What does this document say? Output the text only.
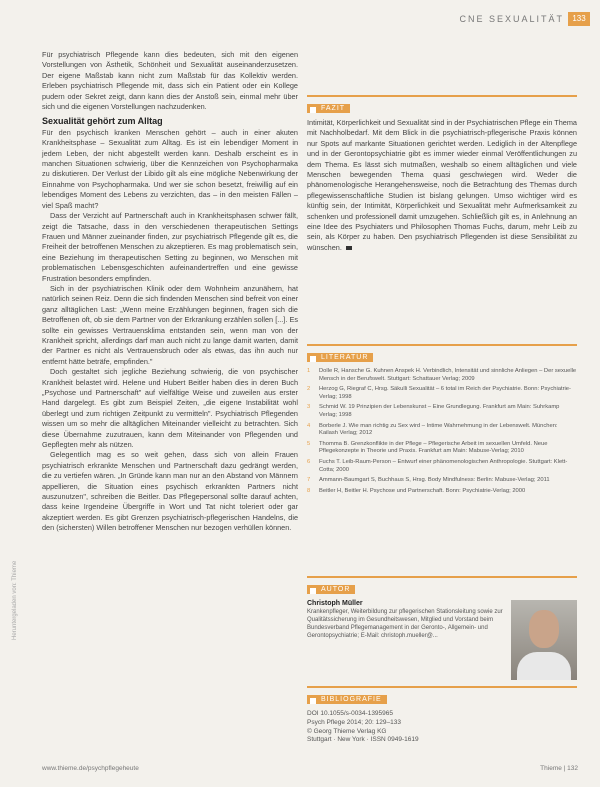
CNE SEXUALITÄT	133

Für psychiatrisch Pflegende kann dies bedeuten, sich mit den eigenen Vorstellungen von Ästhetik, Schönheit und Sexualität auseinanderzusetzen. Der eigene Maßstab kann nicht zum Maßstab für das Kollektiv werden. Erleben psychiatrisch Pflegende mit, dass sich ein Patient oder ein Kollege pudern oder Sekret zeigt, dann kann dies der Anstoß sein, einmal mehr über sich und die eigenen Vorstellungen nachzudenken.

Sexualität gehört zum Alltag

Für den psychisch kranken Menschen gehört – auch in einer akuten Krankheitsphase – Sexualität zum Alltag. Es ist ein lebendiger Moment in jedem Leben, der nicht abgestellt werden kann. Deshalb erscheint es in manchen Situationen schwierig, über die Kennzeichen von Psychopharmaka zu diskutieren. Der Verlust der Libido gilt als eine mögliche Nebenwirkung der Einnahme von Psychopharmaka. Und wer sie schon besetzt, freiwillig auf ein lebendiges Moment des Lebens zu verzichten, das – in den meisten Fällen – viel Spaß macht?

Dass der Verzicht auf Partnerschaft auch in Krankheitsphasen schwer fällt, zeigt die Tatsache, dass in den verschiedenen therapeutischen Settings Frauen und Männer zueinander finden, zur psychiatrisch Pflegende gilt es, die Freiheit der betroffenen Menschen zu akzeptieren. Es mag problematisch sein, eine Beziehung im therapeutischen Setting zu beginnen, wo Menschen mit problematischen Lebensgeschichten aufeinandertreffen und eine gewisse Frustration besonders empfinden.

Sich in der psychiatrischen Klinik oder dem Wohnheim anzunähern, hat natürlich seinen Reiz. Denn die sich findenden Menschen sind befreit von einer ganz alltäglichen Last: „Wenn meine Erzählungen beginnen, fragen sich die Betroffenen oft, ob sie dem Partner von der Erkrankung erzählen sollen [...]. Es sollte ein gewisses Vertrauensklima entstanden sein, wenn man von der Krankheit spricht, allerdings darf man auch nicht zu lange damit warten, damit der Partner es nicht als Vertrauensbruch oder als etwas, das ihn auch nur entfernt hätte beträfe, empfinden."

Doch gestaltet sich jegliche Beziehung schwierig, die von psychischer Krankheit belastet wird. Helene und Hubert Beitler haben dies in deren Buch „Psychose und Partnerschaft" auf vielfältige Weise und zuweilen aus erster Hand dargelegt. Es gibt zum Beispiel Zeiten, „die eigene Instabilität wohl überlegt und zum richtigen Zeitpunkt zu vermitteln". Psychiatrisch Pflegenden wissen um so mehr die alltäglichen Miteinander vielleicht zu betrachten. Sich diese Übernahme zuzutrauen, kann dem Miteinander von Pflegenden und Gepflegten mehr als nützen.

Gelegentlich mag es so weit gehen, dass sich von allein Frauen psychiatrisch erkrankte Menschen und Partnerschaft dazu gedrängt werden, die zu vertiefen wären. „In Gründe kann man nur an den Abstand von Männern appellieren, die Situation eines psychisch erkrankten Partners nicht auszunutzen", schreiben die Beitler. Das Pflegepersonal sollte darauf achten, dass keine Irgendeine Übergriffe in Wort und Tat nicht toleriert oder gar akzeptiert werden. Es gibt Grenzen psychiatrisch-pflegerischen Handelns, die den (sichersten) Willen betroffener Menschen nur bezogen verhüllen können.

FAZIT
Intimität, Körperlichkeit und Sexualität sind in der Psychiatrischen Pflege ein Thema mit Nachholbedarf. Mit dem Blick in die psychiatrisch-pflegerische Praxis können nur Spots auf markante Situationen gerichtet werden. Lediglich in der Altenpflege und in der Gerontopsychiatrie gibt es immer wieder einmal Veröffentlichungen zu dem Thema. Es lässt sich mutmaßen, weshalb so einem alltäglichen und viele Menschen bewegenden Thema quasi geschwiegen wird. Weder die phänomenologische Herangehensweise, noch die Betrachtung des Themas durch pflegewissenschaftliche Studien ist bislang gelungen. Umso wichtiger wird es künftig sein, der Intimität, Körperlichkeit und Sexualität mehr Aufmerksamkeit zu schenken und professionell damit umzugehen. Schließlich gilt es, in Anlehnung an eine Idee des Psychiaters und Philosophen Thomas Fuchs, darum, mehr Leib zu sein, als Körper zu haben. Den psychiatrisch Pflegenden ist diese Sensibilität zu wünschen.
LITERATUR
1	Dolle R, Hansche G. Kuhnen Anspek H. Verbindlich, Intensität und sinnliche Anliegen – Der sexuelle Mensch in der Berufswelt. Stuttgart: Schattauer Verlag; 2009
2	Herzog G, Riegraf C, Hrsg. Säkulli Sexualität – 6 total im Reich der Psychiatrie. Bonn: Psychiatrie-Verlag; 1998
3	Schmid W. 19 Prinzipien der Lebenskunst – Eine Grundlegung. Frankfurt am Main: Suhrkamp Verlag; 1998
4	Borberle J. Wie man richtig zu Sex wird – Intime Wahrnehmung in der Lebenswelt. München: Kailash Verlag; 2012
5	Thomma B. Grenzkonflikte in der Pflege – Pflegerische Arbeit im sexuellen Umfeld. Neue Pflegekonzepte in Theorie und Praxis. Frankfurt am Main: Mabuse-Verlag; 2010
6	Fuchs T. Leib-Raum-Person – Entwurf einer phänomenologischen Anthropologie. Stuttgart: Klett-Cotta; 2000
7	Ammann-Baumgart S, Buchhaus S, Hrsg. Body Mindfulness: Berlin: Mabuse-Verlag; 2011
8	Beitler H, Beitler H. Psychose und Partnerschaft. Bonn: Psychiatrie-Verlag; 2000
AUTOR
Christoph Müller
Krankenpfleger, Weiterbildung zur pflegerischen Stationsleitung sowie zur Qualitätssicherung im Gesundheitswesen, Mitglied und Vorstand beim Bundesverband Pflegemanagement in der Geronto-, Allgemein- und Gerontopsychiatrie; E-Mail: christoph.mueller@...
BIBLIOGRAFIE
DOI 10.1055/s-0034-1395965
Psych Pflege 2014; 20: 129–133
© Georg Thieme Verlag KG
Stuttgart · New York · ISSN 0949-1619
Heruntergeladen von: Thieme
www.thieme.de/psychpflegeheute	Thieme | 132
